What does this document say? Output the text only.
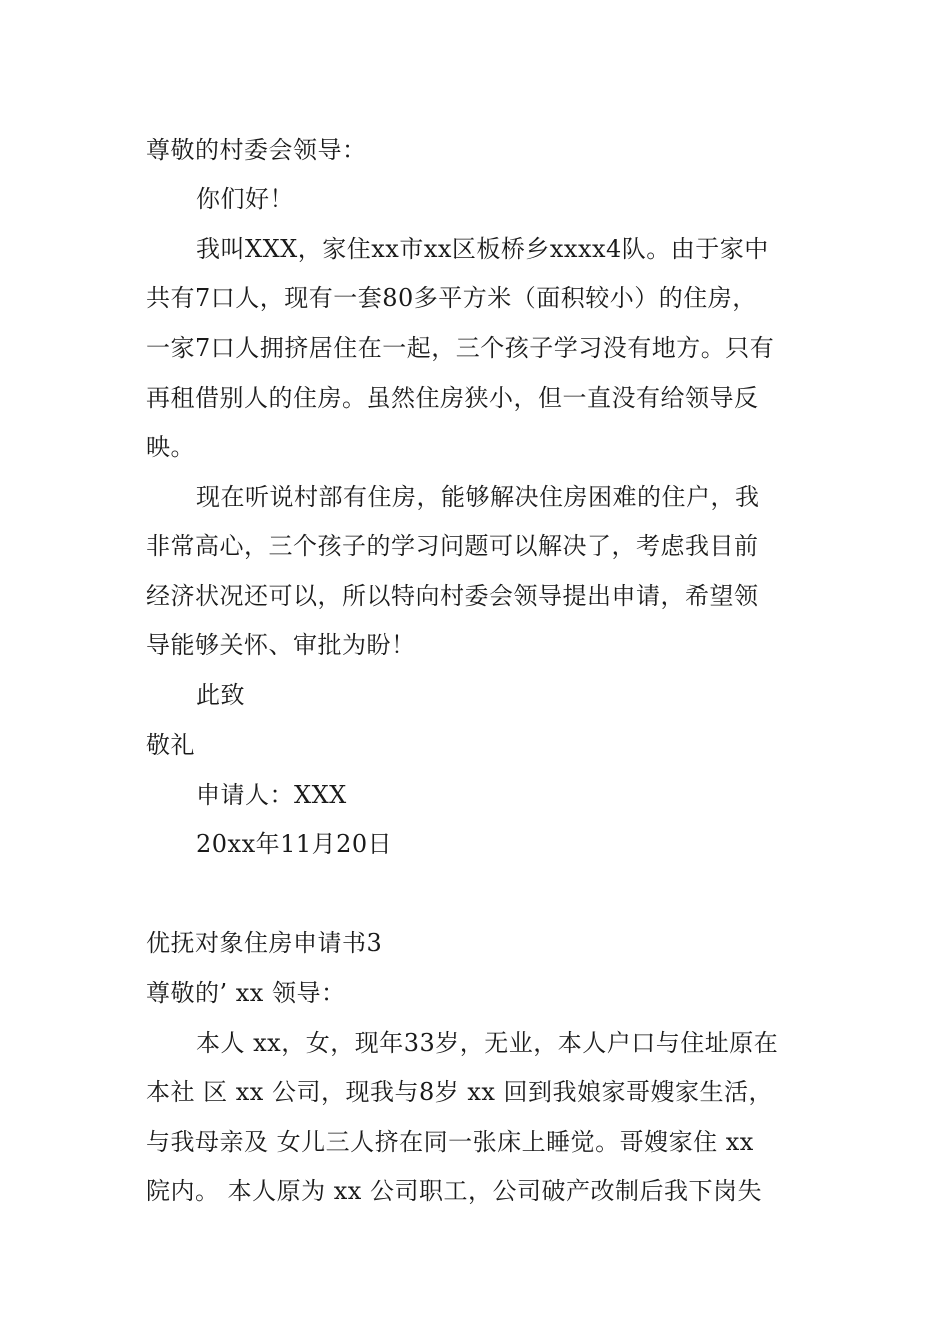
尊敬的村委会领导：
你们好！
我叫XXX，家住xx市xx区板桥乡xxxx4队。由于家中
共有7口人，现有一套80多平方米（面积较小）的住房，
一家7口人拥挤居住在一起，三个孩子学习没有地方。只有
再租借别人的住房。虽然住房狭小，但一直没有给领导反
映。
现在听说村部有住房，能够解决住房困难的住户，我
非常高心，三个孩子的学习问题可以解决了，考虑我目前
经济状况还可以，所以特向村委会领导提出申请，希望领
导能够关怀、审批为盼！
此致
敬礼
申请人：XXX
20xx年11月20日
优抚对象住房申请书3
尊敬的’ xx 领导：
本人 xx，女，现年33岁，无业，本人户口与住址原在
本社 区 xx 公司，现我与8岁 xx 回到我娘家哥嫂家生活，
与我母亲及 女儿三人挤在同一张床上睡觉。哥嫂家住 xx
院内。 本人原为 xx 公司职工，公司破产改制后我下岗失
